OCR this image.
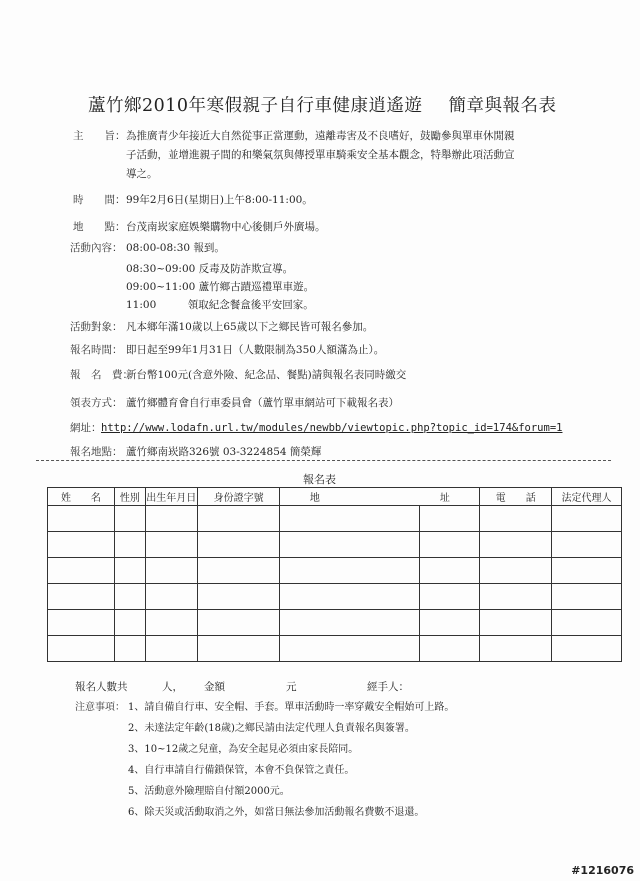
蘆竹鄉2010年寒假親子自行車健康逍遙遊 簡章與報名表
主　　旨： 為推廣青少年接近大自然從事正當運動，遠離毒害及不良嗜好，鼓勵參與單車休閒親
子活動，並增進親子間的和樂氣氛與傳授單車騎乘安全基本觀念，特舉辦此項活動宣
導之。
時　　間： 99年2月6日(星期日)上午8:00-11:00。
地　　點： 台茂南崁家庭娛樂購物中心後側戶外廣場。
活動內容： 08:00-08:30 報到。
08:30~09:00 反毒及防詐欺宣導。
09:00~11:00 蘆竹鄉古蹟巡禮單車遊。
11:00　　　領取紀念餐盒後平安回家。
活動對象： 凡本鄉年滿10歲以上65歲以下之鄉民皆可報名參加。
報名時間： 即日起至99年1月31日（人數限制為350人額滿為止）。
報　名　費：
新台幣100元(含意外險、紀念品、餐點)請與報名表同時繳交
領表方式： 蘆竹鄉體育會自行車委員會（蘆竹單車網站可下載報名表）
網址： http://www.lodafn.url.tw/modules/newbb/viewtopic.php?topic_id=174&forum=1
報名地點： 蘆竹鄉南崁路326號 03-3224854 簡榮輝
報名表
姓　　名	性別	出生年月日	身份證字號	地 址		電　　話	法定代理人

報名人數共	人， 金額	元	經手人：
注意事項： 1、請自備自行車、安全帽、手套。單車活動時一率穿戴安全帽始可上路。
2、未達法定年齡(18歲)之鄉民請由法定代理人負責報名與簽署。
3、10~12歲之兒童，為安全起見必須由家長陪同。
4、自行車請自行備鎖保管，本會不負保管之責任。
5、活動意外險理賠自付額2000元。
6、除天災或活動取消之外，如當日無法參加活動報名費數不退還。
#1216076
